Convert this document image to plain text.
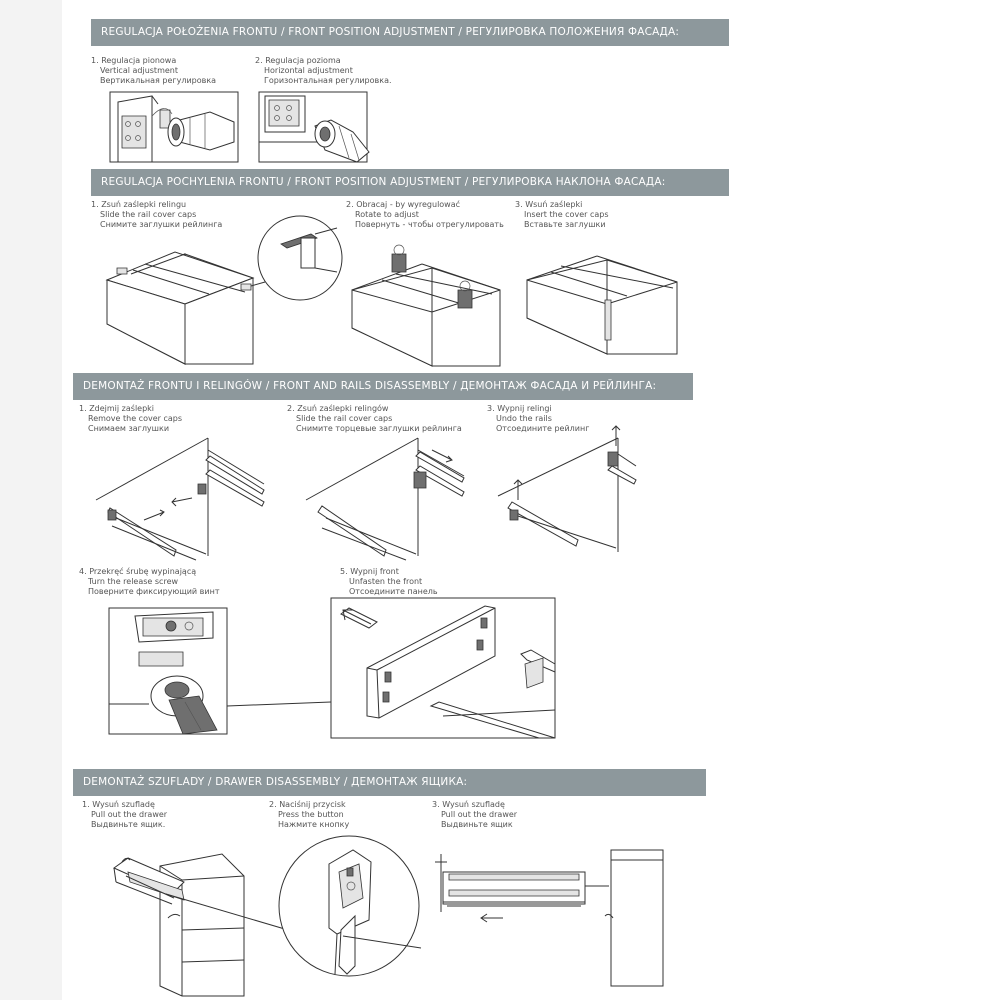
REGULACJA POŁOŻENIA FRONTU / FRONT POSITION ADJUSTMENT / РЕГУЛИРОВКА ПОЛОЖЕНИЯ ФАСАДА:
1. Regulacja pionowa
Vertical adjustment
Вертикальная регулировка
2. Regulacja pozioma
Horizontal adjustment
Горизонтальная регулировка.
REGULACJA POCHYLENIA FRONTU / FRONT POSITION ADJUSTMENT / РЕГУЛИРОВКА НАКЛОНА ФАСАДА:
1. Zsuń zaślepki relingu
Slide the rail cover caps
Снимите заглушки рейлинга
2. Obracaj - by wyregulować
Rotate to adjust
Повернуть - чтобы отрегулировать
3. Wsuń zaślepki
Insert the cover caps
Вставьте заглушки
DEMONTAŻ FRONTU I RELINGÓW / FRONT AND RAILS DISASSEMBLY / ДЕМОНТАЖ ФАСАДА И РЕЙЛИНГА:
1. Zdejmij zaślepki
Remove the cover caps
Снимаем заглушки
2. Zsuń zaślepki relingów
Slide the rail cover caps
Снимите торцевые заглушки рейлинга
3. Wypnij relingi
Undo the rails
Отсоедините рейлинг
4. Przekręć śrubę wypinającą
Turn the release screw
Поверните фиксирующий винт
5. Wypnij front
Unfasten the front
Отсоедините панель
DEMONTAŻ SZUFLADY / DRAWER DISASSEMBLY / ДЕМОНТАЖ ЯЩИКА:
1. Wysuń szufladę
Pull out the drawer
Выдвиньте ящик.
2. Naciśnij przycisk
Press the button
Нажмите кнопку
3. Wysuń szufladę
Pull out the drawer
Выдвиньте ящик
